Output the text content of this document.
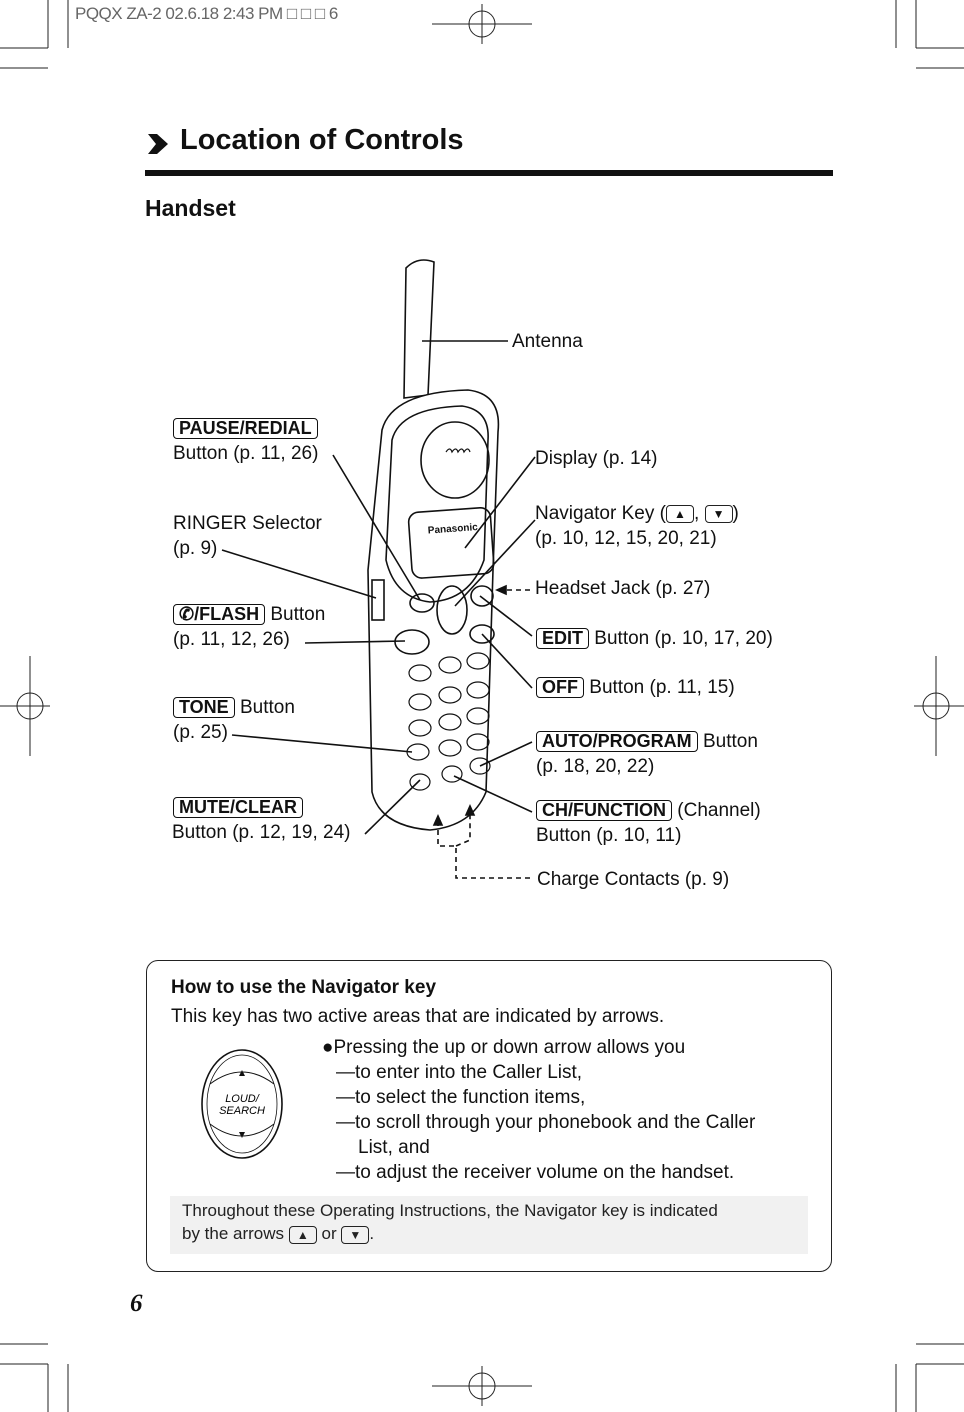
PQQX ZA-2 02.6.18 2:43 PM □ □ □ 6
Location of Controls
Handset
Panasonic
PAUSE/REDIAL
Button (p. 11, 26)
RINGER Selector
(p. 9)
✆/FLASH Button
(p. 11, 12, 26)
TONE Button
(p. 25)
MUTE/CLEAR
Button (p. 12, 19, 24)
Antenna
Display (p. 14)
Navigator Key ( ▲ , ▼ )
(p. 10, 12, 15, 20, 21)
Headset Jack (p. 27)
EDIT Button (p. 10, 17, 20)
OFF Button (p. 11, 15)
AUTO/PROGRAM Button
(p. 18, 20, 22)
CH/FUNCTION (Channel)
Button (p. 10, 11)
Charge Contacts (p. 9)
How to use the Navigator key
This key has two active areas that are indicated by arrows.
●Pressing the up or down arrow allows you
—to enter into the Caller List,
—to select the function items,
—to scroll through your phonebook and the Caller
List, and
—to adjust the receiver volume on the handset.
LOUD/
SEARCH
Throughout these Operating Instructions, the Navigator key is indicated
by the arrows ▲ or ▼ .
6
